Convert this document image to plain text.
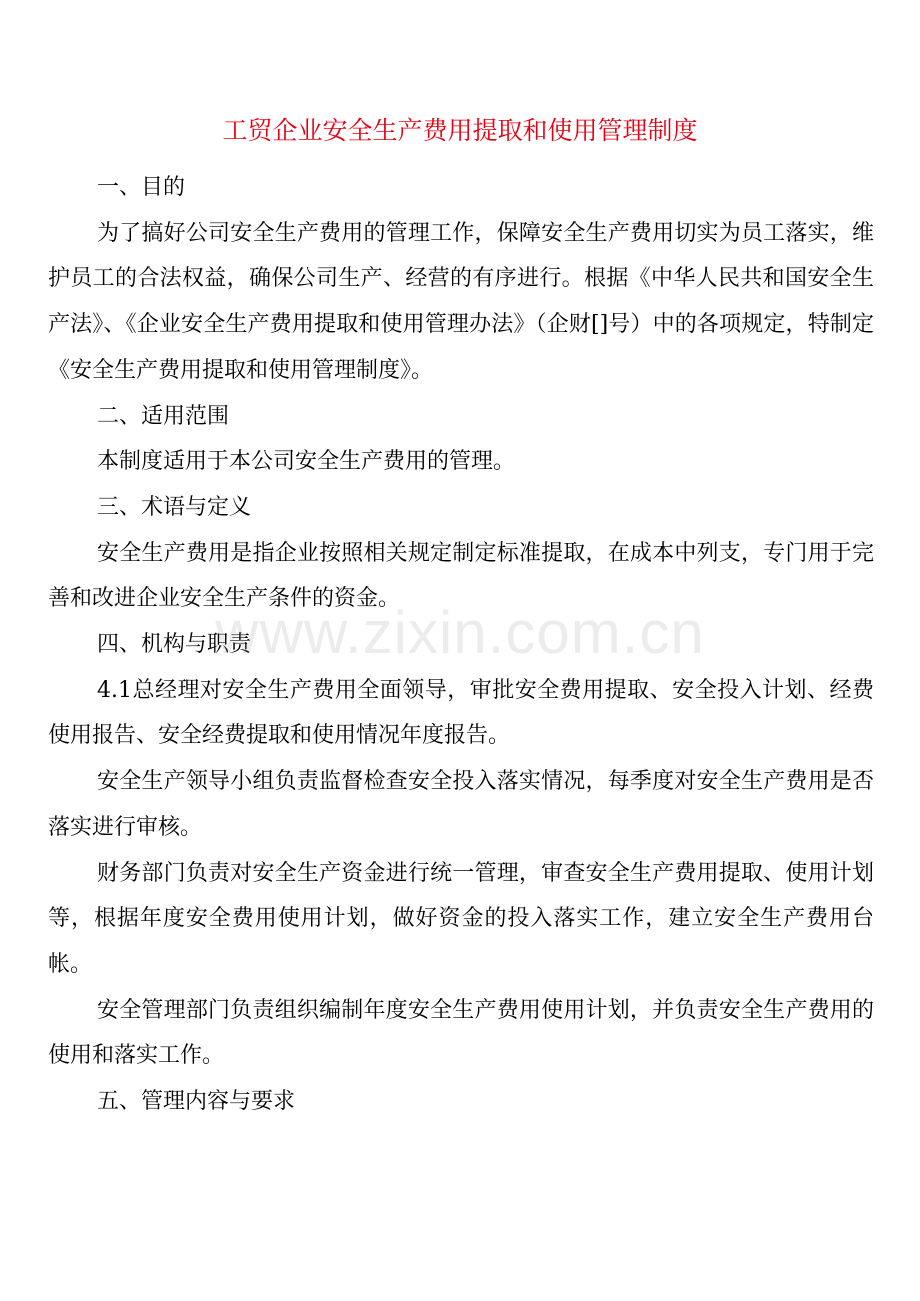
工贸企业安全生产费用提取和使用管理制度

一、目的

为了搞好公司安全生产费用的管理工作，保障安全生产费用切实为员工落实，维护员工的合法权益，确保公司生产、经营的有序进行。根据《中华人民共和国安全生产法》、《企业安全生产费用提取和使用管理办法》（企财[]号）中的各项规定，特制定《安全生产费用提取和使用管理制度》。

二、适用范围

本制度适用于本公司安全生产费用的管理。

三、术语与定义

安全生产费用是指企业按照相关规定制定标准提取，在成本中列支，专门用于完善和改进企业安全生产条件的资金。

四、机构与职责

4.1总经理对安全生产费用全面领导，审批安全费用提取、安全投入计划、经费使用报告、安全经费提取和使用情况年度报告。

安全生产领导小组负责监督检查安全投入落实情况，每季度对安全生产费用是否落实进行审核。

财务部门负责对安全生产资金进行统一管理，审查安全生产费用提取、使用计划等，根据年度安全费用使用计划，做好资金的投入落实工作，建立安全生产费用台帐。

安全管理部门负责组织编制年度安全生产费用使用计划，并负责安全生产费用的使用和落实工作。

五、管理内容与要求

www.zixin.com.cn
